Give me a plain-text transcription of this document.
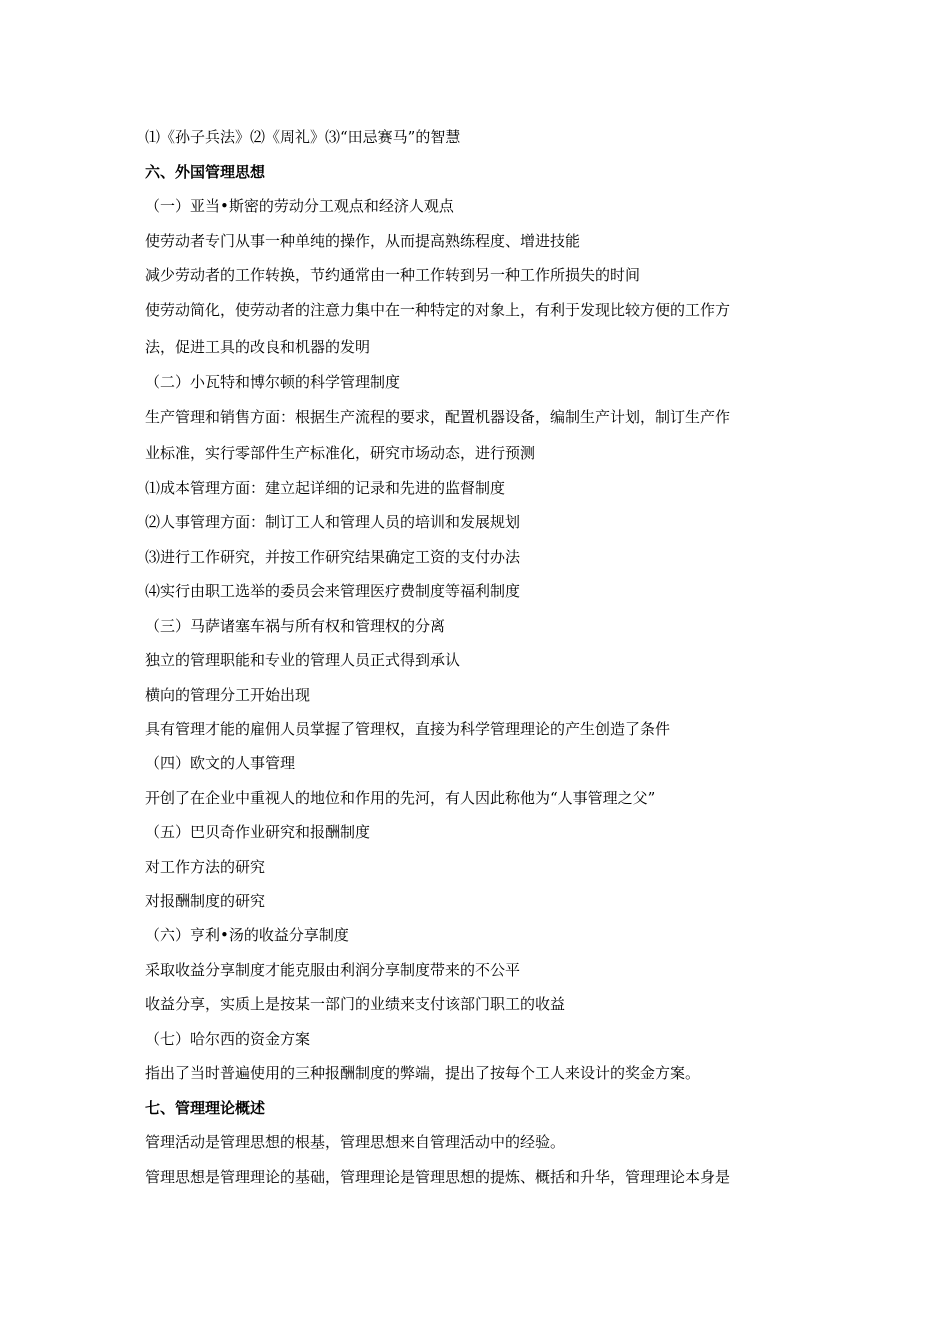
⑴《孙子兵法》⑵《周礼》⑶“田忌赛马”的智慧
六、外国管理思想
（一）亚当•斯密的劳动分工观点和经济人观点
使劳动者专门从事一种单纯的操作，从而提高熟练程度、增进技能
减少劳动者的工作转换，节约通常由一种工作转到另一种工作所损失的时间
使劳动简化，使劳动者的注意力集中在一种特定的对象上，有利于发现比较方便的工作方
法，促进工具的改良和机器的发明
（二）小瓦特和博尔顿的科学管理制度
生产管理和销售方面：根据生产流程的要求，配置机器设备，编制生产计划，制订生产作
业标准，实行零部件生产标准化，研究市场动态，进行预测
⑴成本管理方面：建立起详细的记录和先进的监督制度
⑵人事管理方面：制订工人和管理人员的培训和发展规划
⑶进行工作研究，并按工作研究结果确定工资的支付办法
⑷实行由职工选举的委员会来管理医疗费制度等福利制度
（三）马萨诸塞车祸与所有权和管理权的分离
独立的管理职能和专业的管理人员正式得到承认
横向的管理分工开始出现
具有管理才能的雇佣人员掌握了管理权，直接为科学管理理论的产生创造了条件
（四）欧文的人事管理
开创了在企业中重视人的地位和作用的先河，有人因此称他为“人事管理之父”
（五）巴贝奇作业研究和报酬制度
对工作方法的研究
对报酬制度的研究
（六）亨利•汤的收益分享制度
采取收益分享制度才能克服由利润分享制度带来的不公平
收益分享，实质上是按某一部门的业绩来支付该部门职工的收益
（七）哈尔西的资金方案
指出了当时普遍使用的三种报酬制度的弊端，提出了按每个工人来设计的奖金方案。
七、管理理论概述
管理活动是管理思想的根基，管理思想来自管理活动中的经验。
管理思想是管理理论的基础，管理理论是管理思想的提炼、概括和升华，管理理论本身是
